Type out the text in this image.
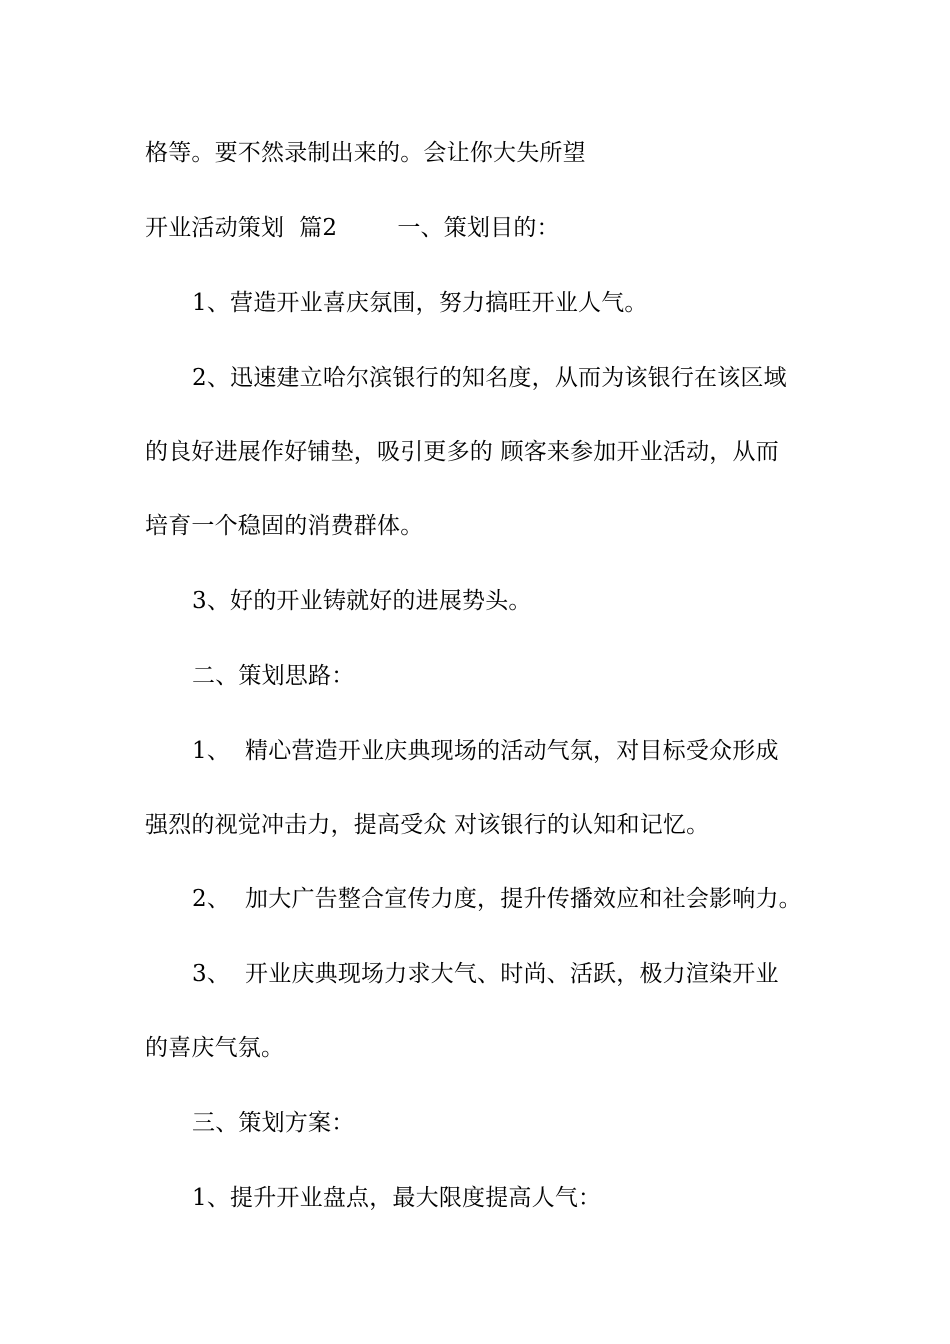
格等。要不然录制出来的。会让你大失所望
开业活动策划  篇2        一、策划目的：
1、营造开业喜庆氛围，努力搞旺开业人气。
2、迅速建立哈尔滨银行的知名度，从而为该银行在该区域
的良好进展作好铺垫，吸引更多的 顾客来参加开业活动，从而
培育一个稳固的消费群体。
3、好的开业铸就好的进展势头。
二、策划思路：
1、  精心营造开业庆典现场的活动气氛，对目标受众形成
强烈的视觉冲击力，提高受众 对该银行的认知和记忆。
2、  加大广告整合宣传力度，提升传播效应和社会影响力。
3、  开业庆典现场力求大气、时尚、活跃，极力渲染开业
的喜庆气氛。
三、策划方案：
1、提升开业盘点，最大限度提高人气：
